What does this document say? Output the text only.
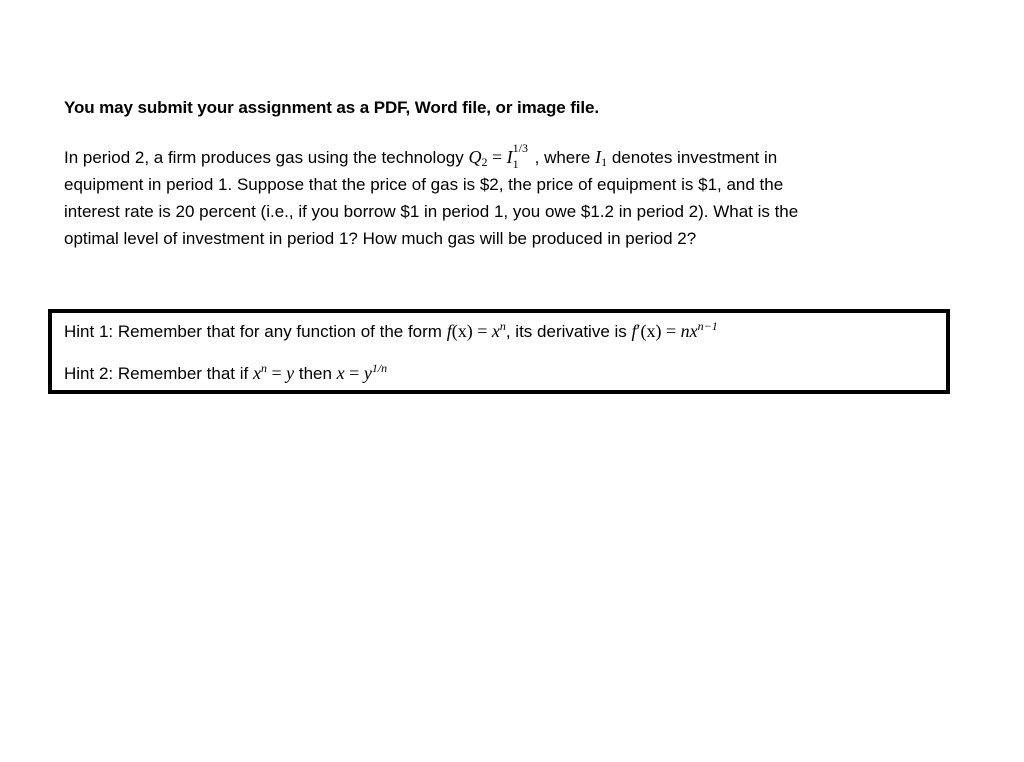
You may submit your assignment as a PDF, Word file, or image file.
In period 2, a firm produces gas using the technology $Q_2 = I$ 1/3
1 , where $I_1$ denotes investment in
equipment in period 1. Suppose that the price of gas is $2, the price of equipment is $1, and the
interest rate is 20 percent (i.e., if you borrow $1 in period 1, you owe $1.2 in period 2). What is the
optimal level of investment in period 1? How much gas will be produced in period 2?
Hint 1: Remember that for any function of the form $f(x) = x^n$, its derivative is $f'(x) = nx^{n-1}$
Hint 2: Remember that if $x^n = y$ then $x = y^{1/n}$
